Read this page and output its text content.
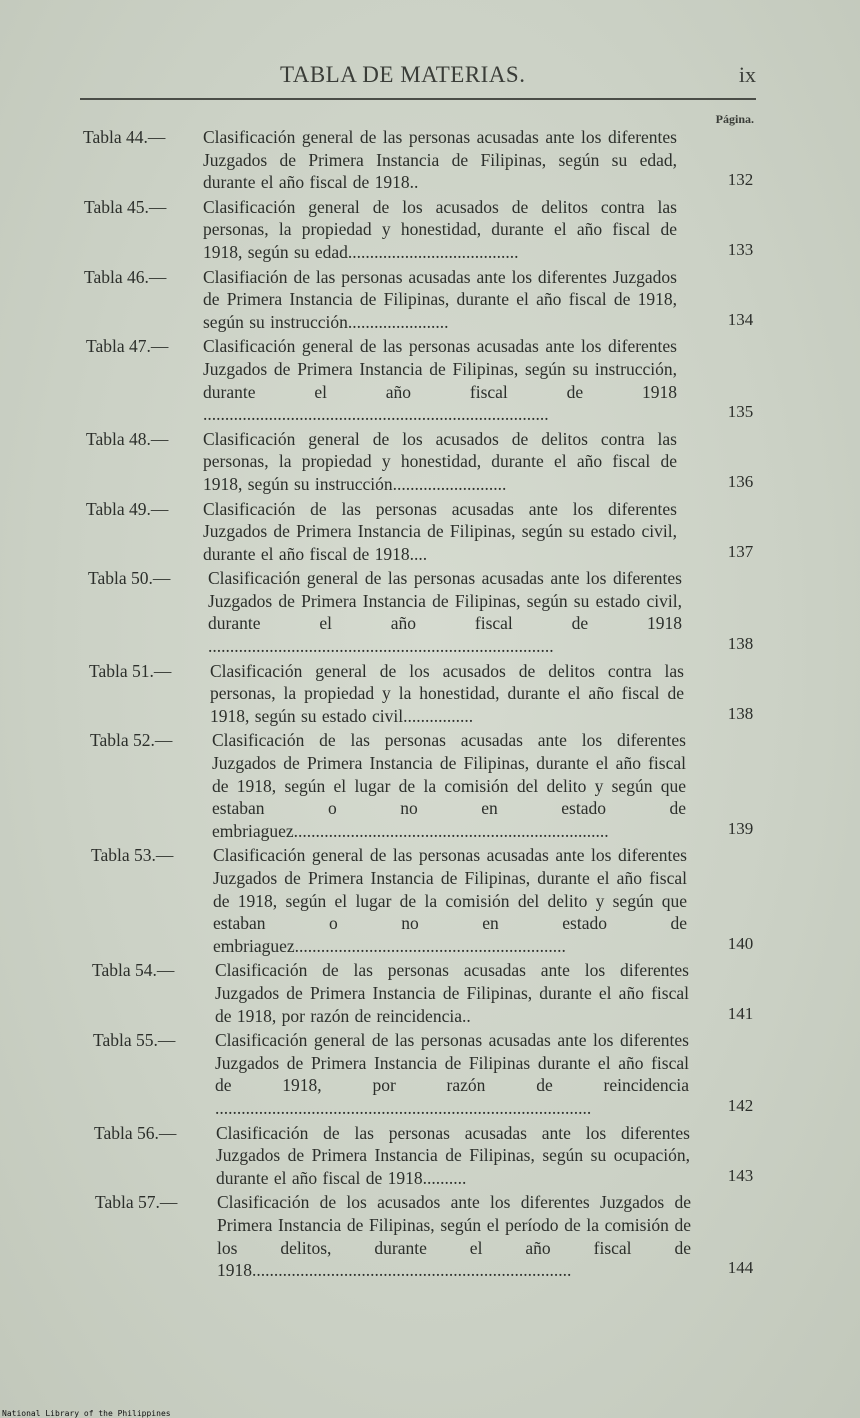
TABLA DE MATERIAS.	ix
Página.
Tabla 44.— Clasificación general de las personas acusadas ante los diferentes Juzgados de Primera Instancia de Filipinas, según su edad, durante el año fiscal de 1918..	132
Tabla 45.— Clasificación general de los acusados de delitos contra las personas, la propiedad y honestidad, durante el año fiscal de 1918, según su edad.......................................	133
Tabla 46.— Clasifiación de las personas acusadas ante los diferentes Juzgados de Primera Instancia de Filipinas, durante el año fiscal de 1918, según su instrucción.......................	134
Tabla 47.— Clasificación general de las personas acusadas ante los diferentes Juzgados de Primera Instancia de Filipinas, según su instrucción, durante el año fiscal de 1918 ...............................................................................	135
Tabla 48.— Clasificación general de los acusados de delitos contra las personas, la propiedad y honestidad, durante el año fiscal de 1918, según su instrucción..........................	136
Tabla 49.— Clasificación de las personas acusadas ante los diferentes Juzgados de Primera Instancia de Filipinas, según su estado civil, durante el año fiscal de 1918....	137
Tabla 50.— Clasificación general de las personas acusadas ante los diferentes Juzgados de Primera Instancia de Filipinas, según su estado civil, durante el año fiscal de 1918 ...............................................................................	138
Tabla 51.— Clasificación general de los acusados de delitos contra las personas, la propiedad y la honestidad, durante el año fiscal de 1918, según su estado civil................	138
Tabla 52.— Clasificación de las personas acusadas ante los diferentes Juzgados de Primera Instancia de Filipinas, durante el año fiscal de 1918, según el lugar de la comisión del delito y según que estaban o no en estado de embriaguez........................................................................	139
Tabla 53.— Clasificación general de las personas acusadas ante los diferentes Juzgados de Primera Instancia de Filipinas, durante el año fiscal de 1918, según el lugar de la comisión del delito y según que estaban o no en estado de embriaguez..............................................................	140
Tabla 54.— Clasificación de las personas acusadas ante los diferentes Juzgados de Primera Instancia de Filipinas, durante el año fiscal de 1918, por razón de reincidencia..	141
Tabla 55.— Clasificación general de las personas acusadas ante los diferentes Juzgados de Primera Instancia de Filipinas durante el año fiscal de 1918, por razón de reincidencia ......................................................................................	142
Tabla 56.— Clasificación de las personas acusadas ante los diferentes Juzgados de Primera Instancia de Filipinas, según su ocupación, durante el año fiscal de 1918..........	143
Tabla 57.— Clasificación de los acusados ante los diferentes Juzgados de Primera Instancia de Filipinas, según el período de la comisión de los delitos, durante el año fiscal de 1918.........................................................................	144
National Library of the Philippines
